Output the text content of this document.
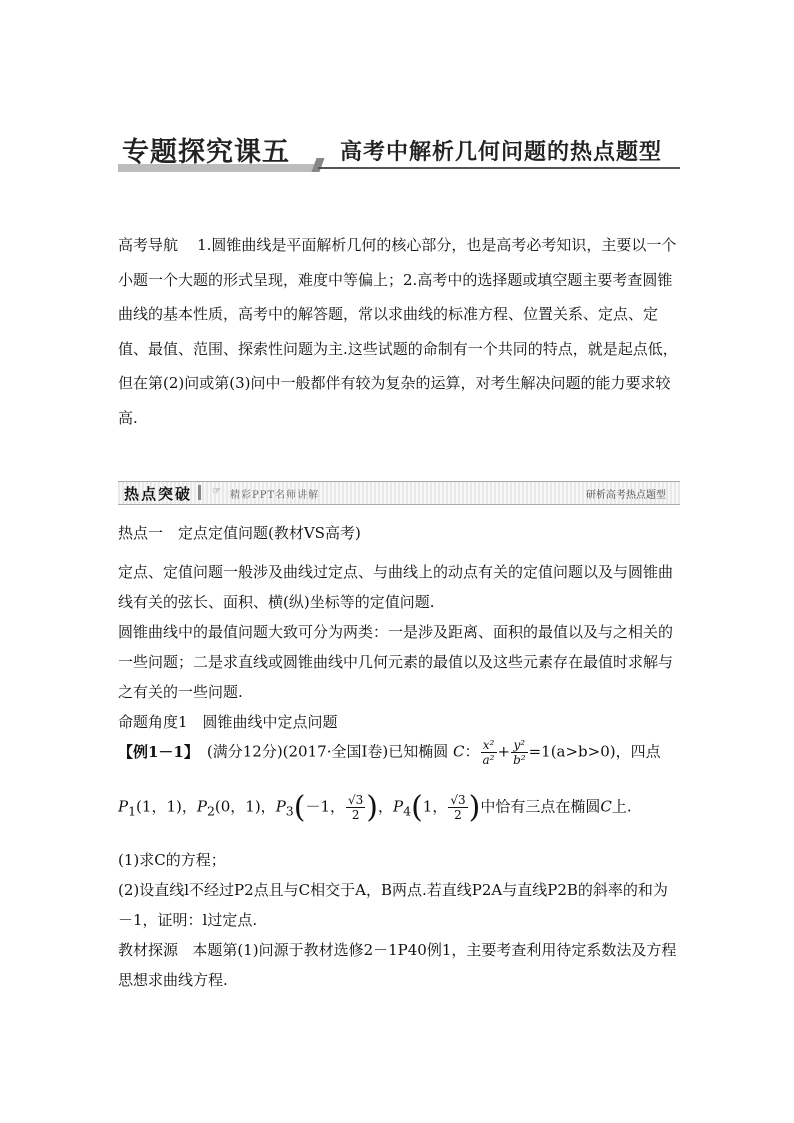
专题探究课五 高考中解析几何问题的热点题型
高考导航 1.圆锥曲线是平面解析几何的核心部分，也是高考必考知识，主要以一个小题一个大题的形式呈现，难度中等偏上；2.高考中的选择题或填空题主要考查圆锥曲线的基本性质，高考中的解答题，常以求曲线的标准方程、位置关系、定点、定值、最值、范围、探索性问题为主.这些试题的命制有一个共同的特点，就是起点低，但在第(2)问或第(3)问中一般都伴有较为复杂的运算，对考生解决问题的能力要求较高.
热点突破 ☞ 精彩PPT名师讲解	研析高考热点题型
热点一　定点定值问题(教材VS高考)
定点、定值问题一般涉及曲线过定点、与曲线上的动点有关的定值问题以及与圆锥曲线有关的弦长、面积、横(纵)坐标等的定值问题.
圆锥曲线中的最值问题大致可分为两类：一是涉及距离、面积的最值以及与之相关的一些问题；二是求直线或圆锥曲线中几何元素的最值以及这些元素存在最值时求解与之有关的一些问题.
命题角度1　圆锥曲线中定点问题
【例1－1】 (满分12分)(2017·全国Ⅰ卷)已知椭圆 C： $\frac{\text{x²}}{\text{a²}} + \frac{\text{y²}}{\text{b²}} =1(a>b>0)$，四点
$P_1(1$，1)，$P_2(0$，1)，$P_3(-1$， $\frac{√3}{2}$ )，$P_4(1$， $\frac{√3}{2}$ )中恰有三点在椭圆C上.
(1)求C的方程；
(2)设直线l不经过P2点且与C相交于A，B两点.若直线P2A与直线P2B的斜率的和为－1，证明：l过定点.
教材探源 本题第(1)问源于教材选修2－1P40例1，主要考查利用待定系数法及方程思想求曲线方程.
